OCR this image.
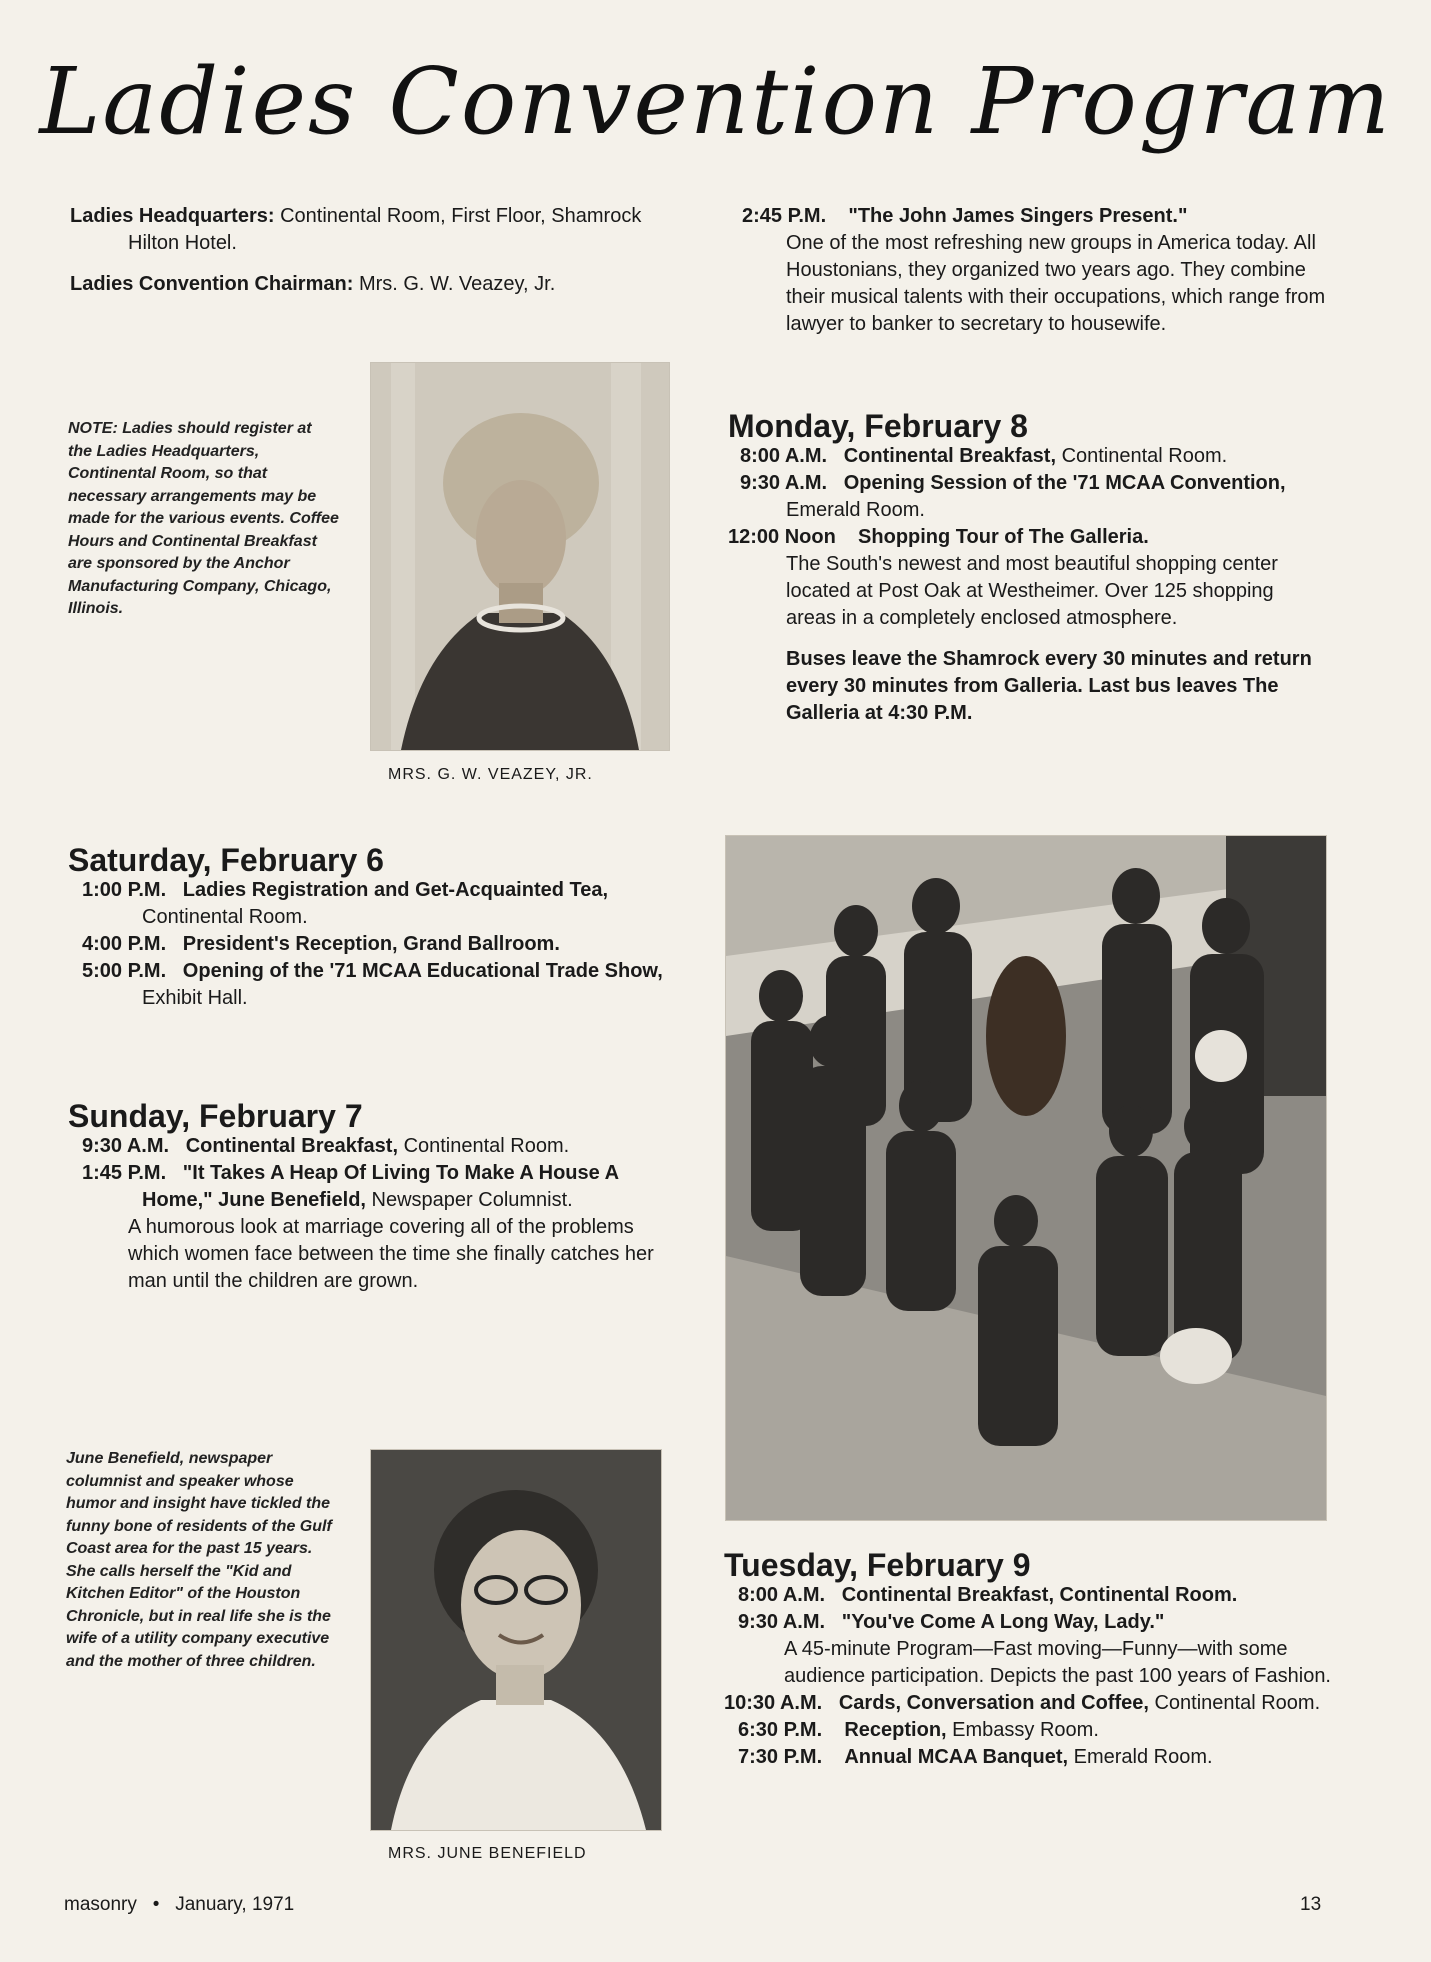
Ladies Convention Program

Ladies Headquarters: Continental Room, First Floor, Shamrock Hilton Hotel.

Ladies Convention Chairman: Mrs. G. W. Veazey, Jr.

NOTE: Ladies should register at the Ladies Headquarters, Continental Room, so that necessary arrangements may be made for the various events. Coffee Hours and Continental Breakfast are sponsored by the Anchor Manufacturing Company, Chicago, Illinois.
MRS. G. W. VEAZEY, JR.
Saturday, February 6

1:00 P.M. Ladies Registration and Get-Acquainted Tea, Continental Room.

4:00 P.M. President's Reception, Grand Ballroom.

5:00 P.M. Opening of the '71 MCAA Educational Trade Show, Exhibit Hall.

Sunday, February 7

9:30 A.M. Continental Breakfast, Continental Room.

1:45 P.M. "It Takes A Heap Of Living To Make A House A Home," June Benefield, Newspaper Columnist.

A humorous look at marriage covering all of the problems which women face between the time she finally catches her man until the children are grown.

June Benefield, newspaper columnist and speaker whose humor and insight have tickled the funny bone of residents of the Gulf Coast area for the past 15 years. She calls herself the "Kid and Kitchen Editor" of the Houston Chronicle, but in real life she is the wife of a utility company executive and the mother of three children.
MRS. JUNE BENEFIELD

2:45 P.M. "The John James Singers Present."

One of the most refreshing new groups in America today. All Houstonians, they organized two years ago. They combine their musical talents with their occupations, which range from lawyer to banker to secretary to housewife.

Monday, February 8

8:00 A.M. Continental Breakfast, Continental Room.

9:30 A.M. Opening Session of the '71 MCAA Convention, Emerald Room.

12:00 Noon Shopping Tour of The Galleria.

The South's newest and most beautiful shopping center located at Post Oak at Westheimer. Over 125 shopping areas in a completely enclosed atmosphere.

Buses leave the Shamrock every 30 minutes and return every 30 minutes from Galleria. Last bus leaves The Galleria at 4:30 P.M.

Tuesday, February 9

8:00 A.M. Continental Breakfast, Continental Room.

9:30 A.M. "You've Come A Long Way, Lady."

A 45-minute Program—Fast moving—Funny—with some audience participation. Depicts the past 100 years of Fashion.

10:30 A.M. Cards, Conversation and Coffee, Continental Room.

6:30 P.M. Reception, Embassy Room.

7:30 P.M. Annual MCAA Banquet, Emerald Room.

masonry • January, 1971	13
